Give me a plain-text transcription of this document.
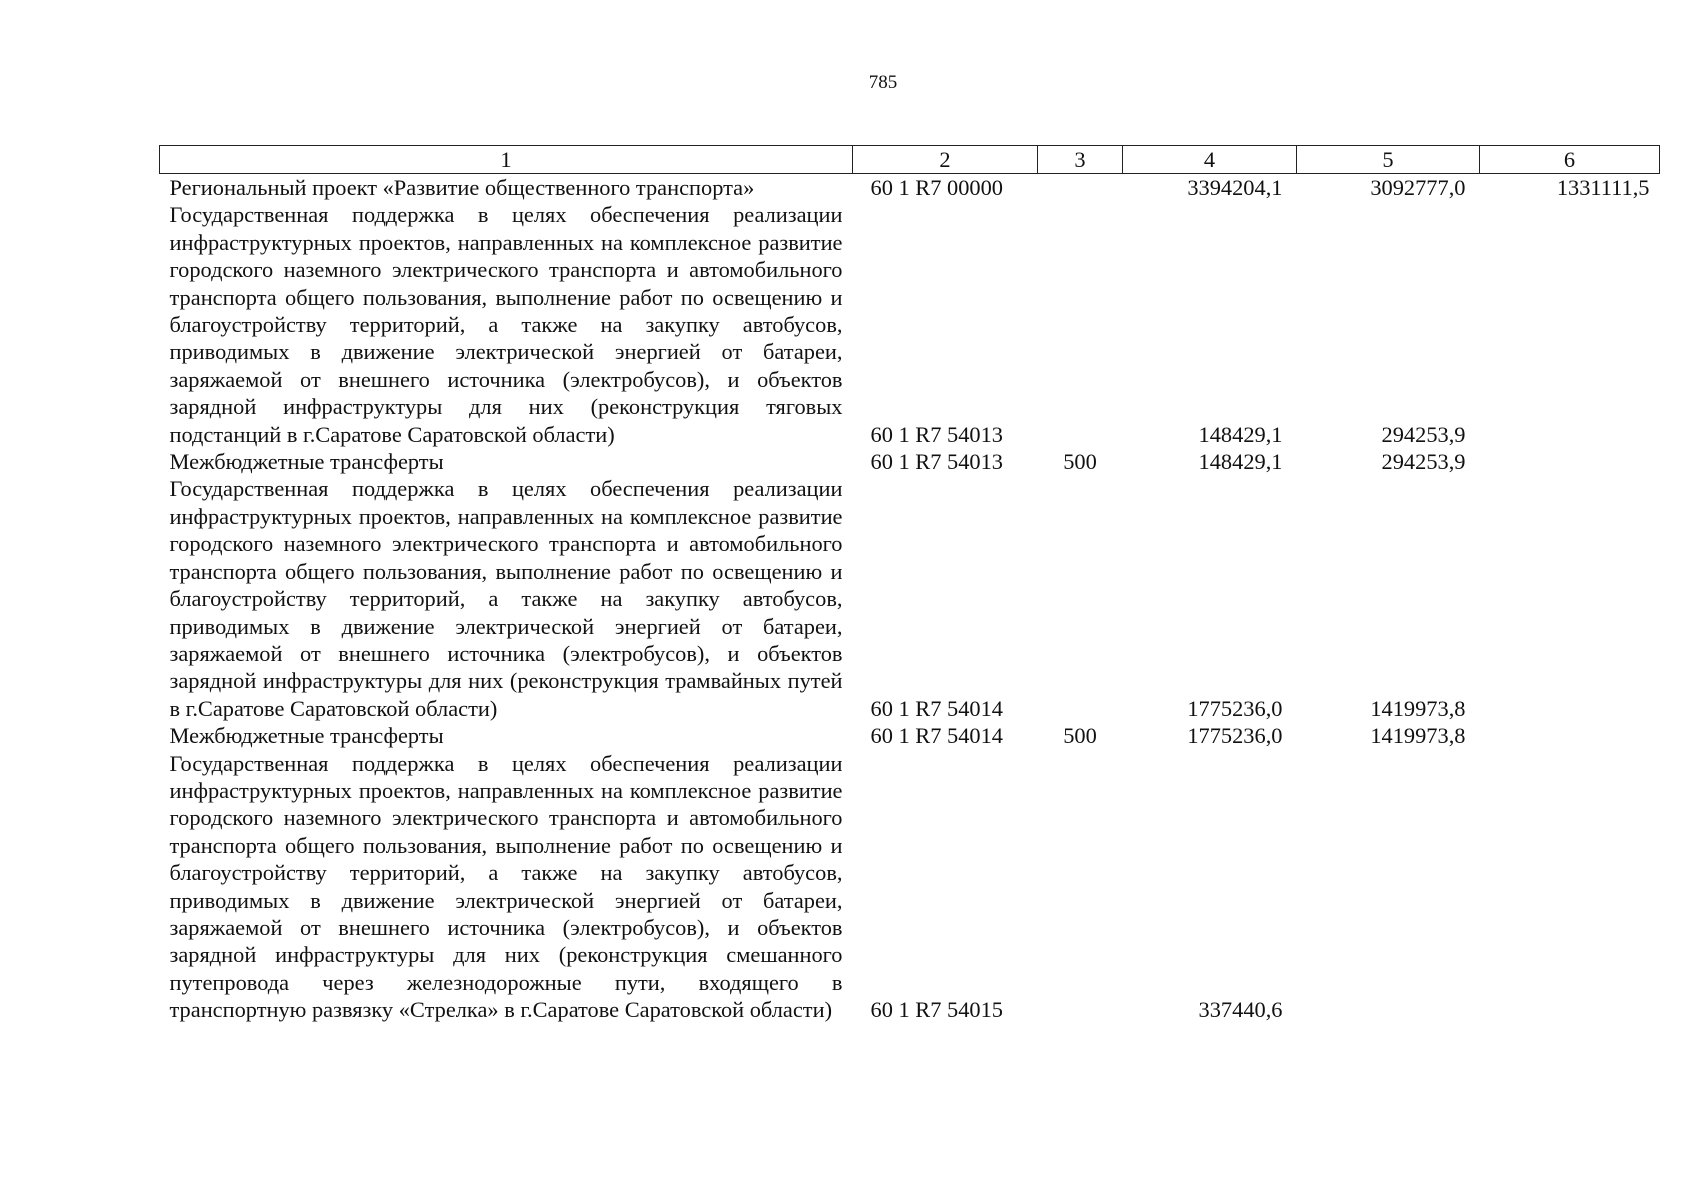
785
1	2	3	4	5	6
Региональный проект «Развитие общественного транспорта»	60 1 R7 00000		3394204,1	3092777,0	1331111,5
Государственная поддержка в целях обеспечения реализации инфраструктурных проектов, направленных на комплексное развитие городского наземного электрического транспорта и автомобильного транспорта общего пользования, выполнение работ по освещению и благоустройству территорий, а также на закупку автобусов, приводимых в движение электрической энергией от батареи, заряжаемой от внешнего источника (электробусов), и объектов зарядной инфраструктуры для них (реконструкция тяговых подстанций в г.Саратове Саратовской области)	60 1 R7 54013		148429,1	294253,9	
Межбюджетные трансферты	60 1 R7 54013	500	148429,1	294253,9	
Государственная поддержка в целях обеспечения реализации инфраструктурных проектов, направленных на комплексное развитие городского наземного электрического транспорта и автомобильного транспорта общего пользования, выполнение работ по освещению и благоустройству территорий, а также на закупку автобусов, приводимых в движение электрической энергией от батареи, заряжаемой от внешнего источника (электробусов), и объектов зарядной инфраструктуры для них (реконструкция трамвайных путей в г.Саратове Саратовской области)	60 1 R7 54014		1775236,0	1419973,8	
Межбюджетные трансферты	60 1 R7 54014	500	1775236,0	1419973,8	
Государственная поддержка в целях обеспечения реализации инфраструктурных проектов, направленных на комплексное развитие городского наземного электрического транспорта и автомобильного транспорта общего пользования, выполнение работ по освещению и благоустройству территорий, а также на закупку автобусов, приводимых в движение электрической энергией от батареи, заряжаемой от внешнего источника (электробусов), и объектов зарядной инфраструктуры для них (реконструкция смешанного путепровода через железнодорожные пути, входящего в транспортную развязку «Стрелка» в г.Саратове Саратовской области)	60 1 R7 54015		337440,6		
